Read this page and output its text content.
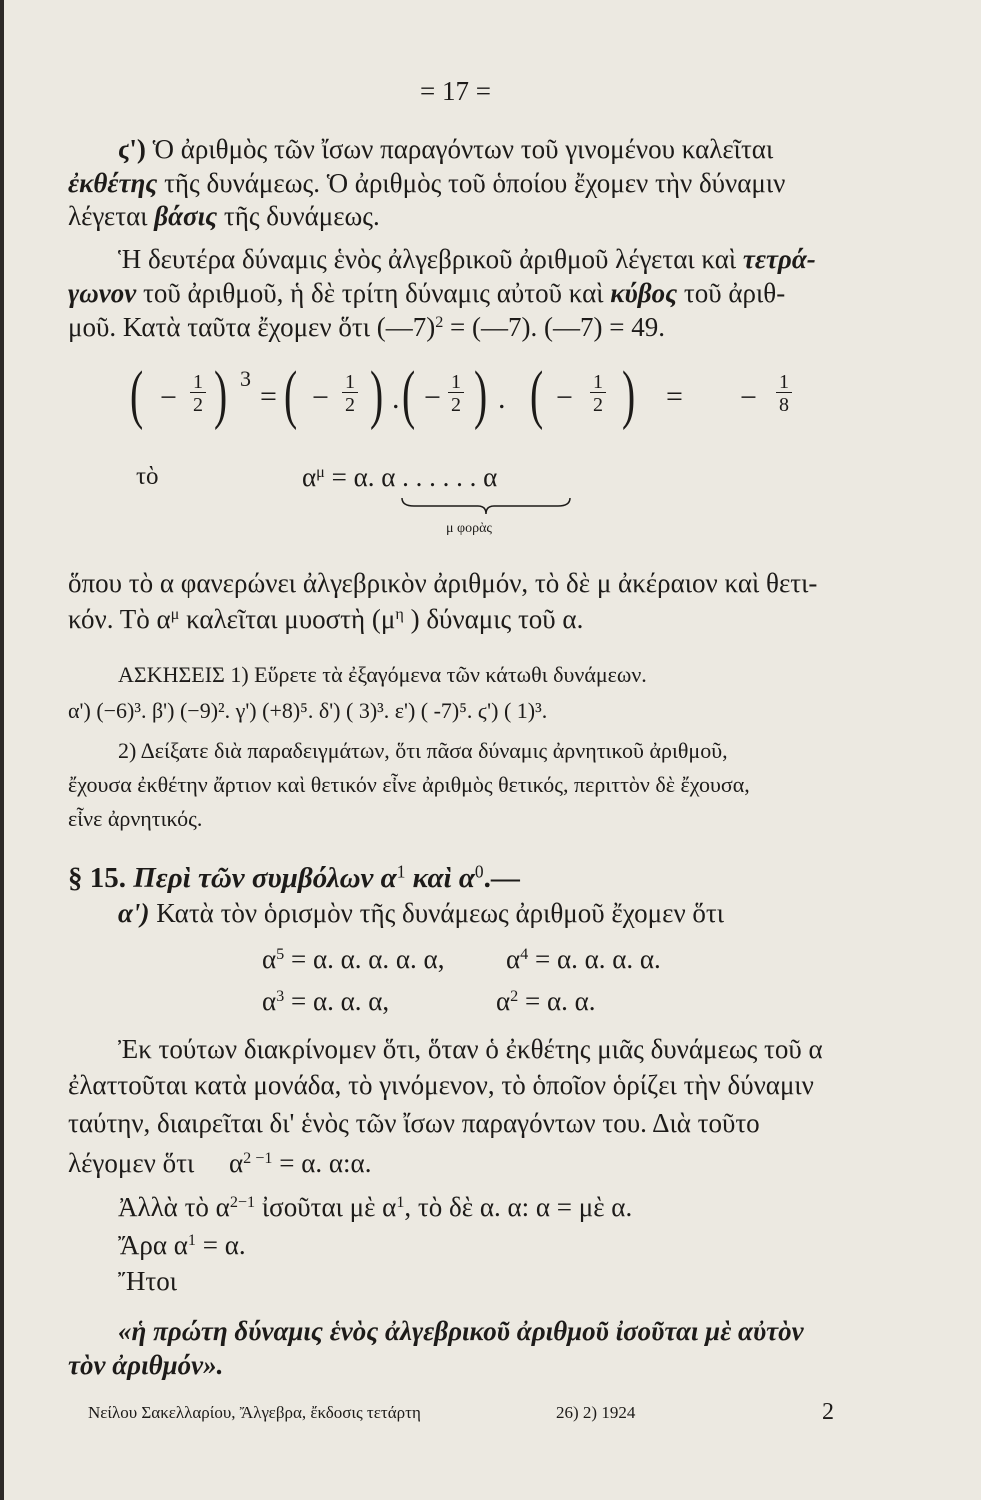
= 17 =
ϛ') Ὁ ἀριθμὸς τῶν ἴσων παραγόντων τοῦ γινομένου καλεῖται
ἐκθέτης τῆς δυνάμεως. Ὁ ἀριθμὸς τοῦ ὁποίου ἔχομεν τὴν δύναμιν
λέγεται βάσις τῆς δυνάμεως.
Ἡ δευτέρα δύναμις ἑνὸς ἀλγεβρικοῦ ἀριθμοῦ λέγεται καὶ τετρά-
γωνον τοῦ ἀριθμοῦ, ἡ δὲ τρίτη δύναμις αὐτοῦ καὶ κύβος τοῦ ἀριθ-
μοῦ. Κατὰ ταῦτα ἔχομεν ὅτι (—7)$^2$ = (—7). (—7) = 49.
( − $\frac{1}{2}$ ) 3
= ( − $\frac{1}{2}$ ) . ( − $\frac{1}{2}$ ) . ( − $\frac{1}{2}$ ) = − $\frac{1}{8}$
τὸ	$\alpha^\mu = \alpha$. α . . . . . . α
μ φορὰς
ὅπου τὸ α φανερώνει ἀλγεβρικὸν ἀριθμόν, τὸ δὲ μ ἀκέραιον καὶ θετι-
κόν. Τὸ $\alpha^\mu$ καλεῖται μυοστὴ ($\mu^\eta$ ) δύναμις τοῦ α.
ΑΣΚΗΣΕΙΣ 1) Εὕρετε τὰ ἐξαγόμενα τῶν κάτωθι δυνάμεων.
α') (−6)³. β') (−9)². γ') (+8)⁵. δ') ( 3)³. ε') ( -7)⁵. ϛ') ( 1)³.
2) Δείξατε διὰ παραδειγμάτων, ὅτι πᾶσα δύναμις ἀρνητικοῦ ἀριθμοῦ,
ἔχουσα ἐκθέτην ἄρτιον καὶ θετικόν εἶνε ἀριθμὸς θετικός, περιττὸν δὲ ἔχουσα,
εἶνε ἀρνητικός.
§ 15. Περὶ τῶν συμβόλων $\alpha^1$ καὶ $\alpha^0.—$
α') Κατὰ τὸν ὁρισμὸν τῆς δυνάμεως ἀριθμοῦ ἔχομεν ὅτι
$\alpha^5 = \alpha$. α. α. α. α, $\alpha^4 = \alpha$. α. α. α.
$\alpha^3 = \alpha$. α. α,	$\alpha^2 = \alpha$. α.
Ἐκ τούτων διακρίνομεν ὅτι, ὅταν ὁ ἐκθέτης μιᾶς δυνάμεως τοῦ α
ἐλαττοῦται κατὰ μονάδα, τὸ γινόμενον, τὸ ὁποῖον ὁρίζει τὴν δύναμιν
ταύτην, διαιρεῖται δι' ἑνὸς τῶν ἴσων παραγόντων του. Διὰ τοῦτο
λέγομεν ὅτι $\alpha^{2 -1} = \alpha$. α:α.
Ἀλλὰ τὸ $\alpha^{2-1}$ ἰσοῦται μὲ $\alpha^1$, τὸ δὲ α. α: α = μὲ α.
Ἄρα $\alpha^1 = \alpha$.
Ἤτοι
«ἡ πρώτη δύναμις ἑνὸς ἀλγεβρικοῦ ἀριθμοῦ ἰσοῦται μὲ αὐτὸν
τὸν ἀριθμόν».
Νείλου Σακελλαρίου, Ἄλγεβρα, ἔκδοσις τετάρτη	26) 2) 1924	2
